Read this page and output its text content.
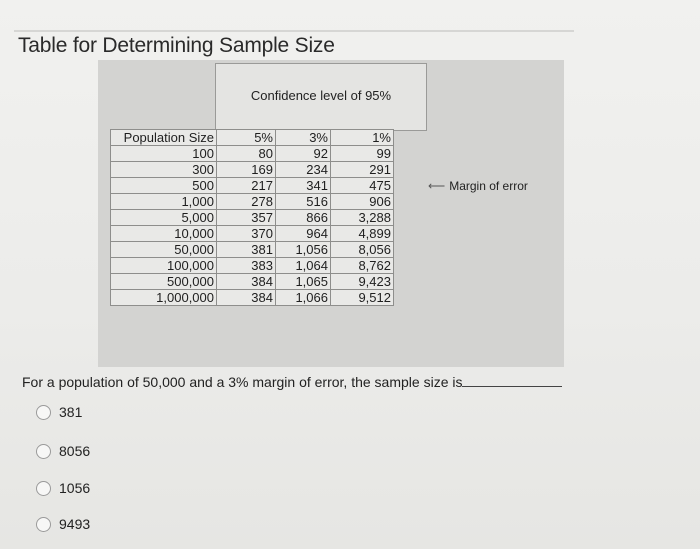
Table for Determining Sample Size
Confidence level of 95%
Population Size	5%	3%	1%
100	80	92	99
300	169	234	291
500	217	341	475
1,000	278	516	906
5,000	357	866	3,288
10,000	370	964	4,899
50,000	381	1,056	8,056
100,000	383	1,064	8,762
500,000	384	1,065	9,423
1,000,000	384	1,066	9,512
⟵ Margin of error
For a population of 50,000 and a 3% margin of error, the sample size is
381
8056
1056
9493
